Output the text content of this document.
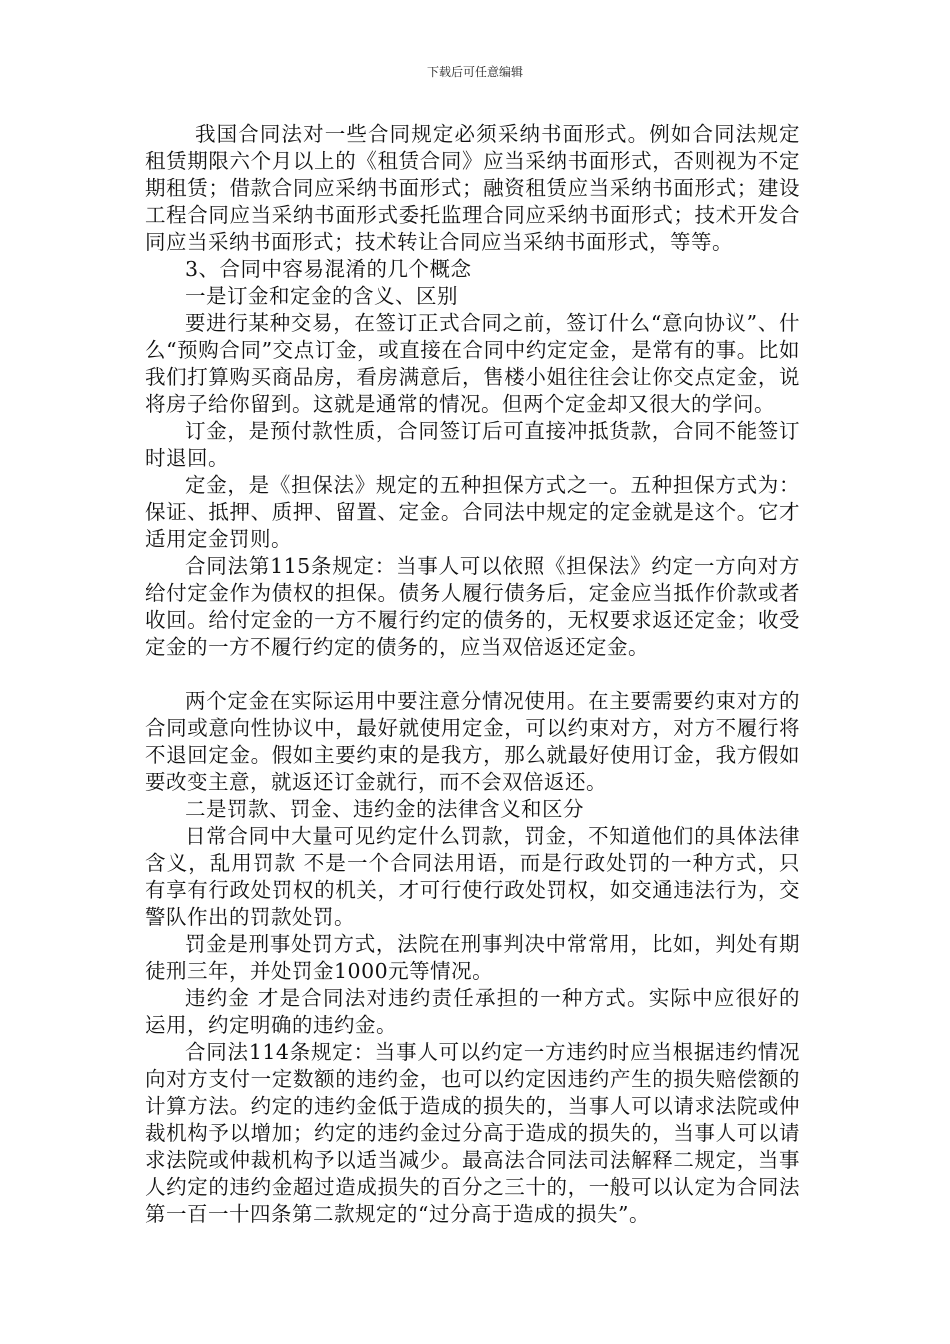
下载后可任意编辑

我国合同法对一些合同规定必须采纳书面形式。例如合同法规定租赁期限六个月以上的《租赁合同》应当采纳书面形式，否则视为不定期租赁；借款合同应采纳书面形式；融资租赁应当采纳书面形式；建设工程合同应当采纳书面形式委托监理合同应采纳书面形式；技术开发合同应当采纳书面形式；技术转让合同应当采纳书面形式，等等。

3、合同中容易混淆的几个概念

一是订金和定金的含义、区别

要进行某种交易，在签订正式合同之前，签订什么“意向协议”、什么“预购合同”交点订金，或直接在合同中约定定金，是常有的事。比如我们打算购买商品房，看房满意后，售楼小姐往往会让你交点定金，说将房子给你留到。这就是通常的情况。但两个定金却又很大的学问。

订金，是预付款性质，合同签订后可直接冲抵货款，合同不能签订时退回。

定金，是《担保法》规定的五种担保方式之一。五种担保方式为：保证、抵押、质押、留置、定金。合同法中规定的定金就是这个。它才适用定金罚则。

合同法第115条规定：当事人可以依照《担保法》约定一方向对方给付定金作为债权的担保。债务人履行债务后，定金应当抵作价款或者收回。给付定金的一方不履行约定的债务的，无权要求返还定金；收受定金的一方不履行约定的债务的，应当双倍返还定金。

两个定金在实际运用中要注意分情况使用。在主要需要约束对方的合同或意向性协议中，最好就使用定金，可以约束对方，对方不履行将不退回定金。假如主要约束的是我方，那么就最好使用订金，我方假如要改变主意，就返还订金就行，而不会双倍返还。

二是罚款、罚金、违约金的法律含义和区分

日常合同中大量可见约定什么罚款，罚金，不知道他们的具体法律含义，乱用罚款 不是一个合同法用语，而是行政处罚的一种方式，只有享有行政处罚权的机关，才可行使行政处罚权，如交通违法行为，交警队作出的罚款处罚。

罚金是刑事处罚方式，法院在刑事判决中常常用，比如，判处有期徒刑三年，并处罚金1000元等情况。

违约金 才是合同法对违约责任承担的一种方式。实际中应很好的运用，约定明确的违约金。

合同法114条规定：当事人可以约定一方违约时应当根据违约情况向对方支付一定数额的违约金，也可以约定因违约产生的损失赔偿额的计算方法。约定的违约金低于造成的损失的，当事人可以请求法院或仲裁机构予以增加；约定的违约金过分高于造成的损失的，当事人可以请求法院或仲裁机构予以适当减少。最高法合同法司法解释二规定，当事人约定的违约金超过造成损失的百分之三十的，一般可以认定为合同法第一百一十四条第二款规定的“过分高于造成的损失”。
